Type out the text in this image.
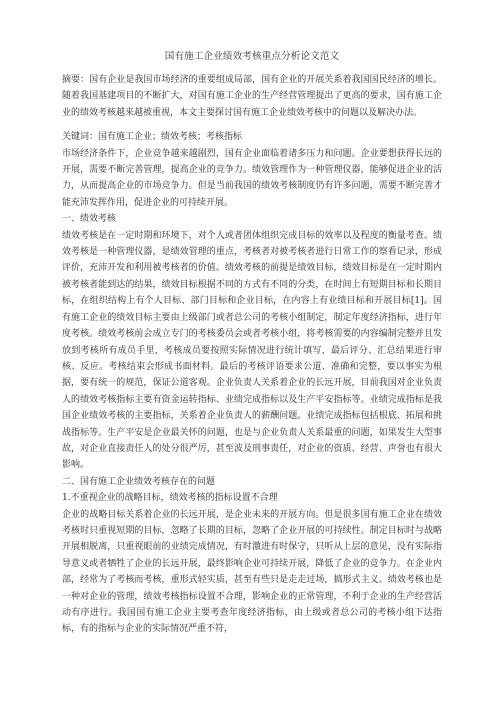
国有施工企业绩效考核重点分析论文范文

摘要：国有企业是我国市场经济的重要组成局部，国有企业的开展关系着我国国民经济的增长。随着我国基建项目的不断扩大，对国有施工企业的生产经营管理提出了更高的要求，国有施工企业的绩效考核越来越被重视，本文主要探讨国有施工企业绩效考核中的问题以及解决办法。

关键词：国有施工企业；绩效考核；考核指标

市场经济条件下，企业竞争越来越剧烈，国有企业面临着诸多压力和问题。企业要想获得长远的开展，需要不断完善管理，提高企业的竞争力。绩效管理作为一种管理仪器，能够促进企业的活力，从而提高企业的市场竞争力。但是当前我国的绩效考核制度仍有许多问题，需要不断完善才能充沛发挥作用，促进企业的可持续开展。

一、绩效考核

绩效考核是在一定时期和环境下，对个人或者团体组织完成目标的效率以及程度的衡量考查。绩效考核是一种管理仪器，是绩效管理的重点，考核者对被考核者进行日常工作的察看记录，形成评价，充沛开发和利用被考核者的价值。绩效考核的前提是绩效目标，绩效目标是在一定时期内被考核者能到达的结果，绩效目标根据不同的方式有不同的分类，在时间上有短期目标和长期目标，在组织结构上有个人目标、部门目标和企业目标，在内容上有业绩目标和开展目标[1]。国有施工企业的绩效目标主要由上级部门或者总公司的考核小组制定，制定年度经济指标，进行年度考核。绩效考核前会成立专门的考核委员会或者考核小组，将考核需要的内容编制完整并且发放到考核所有成员手里，考核成员要按照实际情况进行统计填写，最后评分、汇总结果进行审核、反应。考核结束会形成书面材料。最后的考核评语要求公道、准确和完整，要以事实为根据，要有统一的规范，保证公道客观。企业负责人关系着企业的长远开展，目前我国对企业负责人的绩效考核指标主要有资金运转指标、业绩完成指标以及生产平安指标等。业绩完成指标是我国企业绩效考核的主要指标，关系着企业负责人的薪酬问题。业绩完成指标包括根底、拓展和挑战指标等。生产平安是企业最关怀的问题，也是与企业负责人关系最重的问题，如果发生大型事故，对企业直接责任人的处分很严厉，甚至波及刑事责任，对企业的资质、经营、声誉也有很大影响。

二、国有施工企业绩效考核存在的问题

1.不重视企业的战略目标，绩效考核的指标设置不合理

企业的战略目标关系着企业的长远开展，是企业未来的开展方向。但是很多国有施工企业在绩效考核时只重视短期的目标，忽略了长期的目标，忽略了企业开展的可持续性。制定目标时与战略开展相脱离，只重视眼前的业绩完成情况，有时激进有时保守，只听从上层的意见，没有实际指导意义或者牺牲了企业的长远开展，最终影响企业可持续开展，降低了企业的竞争力。在企业内部，经常为了考核而考核，重形式轻实质，甚至有些只是走走过场，搞形式主义。绩效考核也是一种对企业的管理，绩效考核指标设置不合理，影响企业的正常管理，不利于企业的生产经营活动有序进行。我国国有施工企业主要考查年度经济指标，由上级或者总公司的考核小组下达指标，有的指标与企业的实际情况严重不符，
